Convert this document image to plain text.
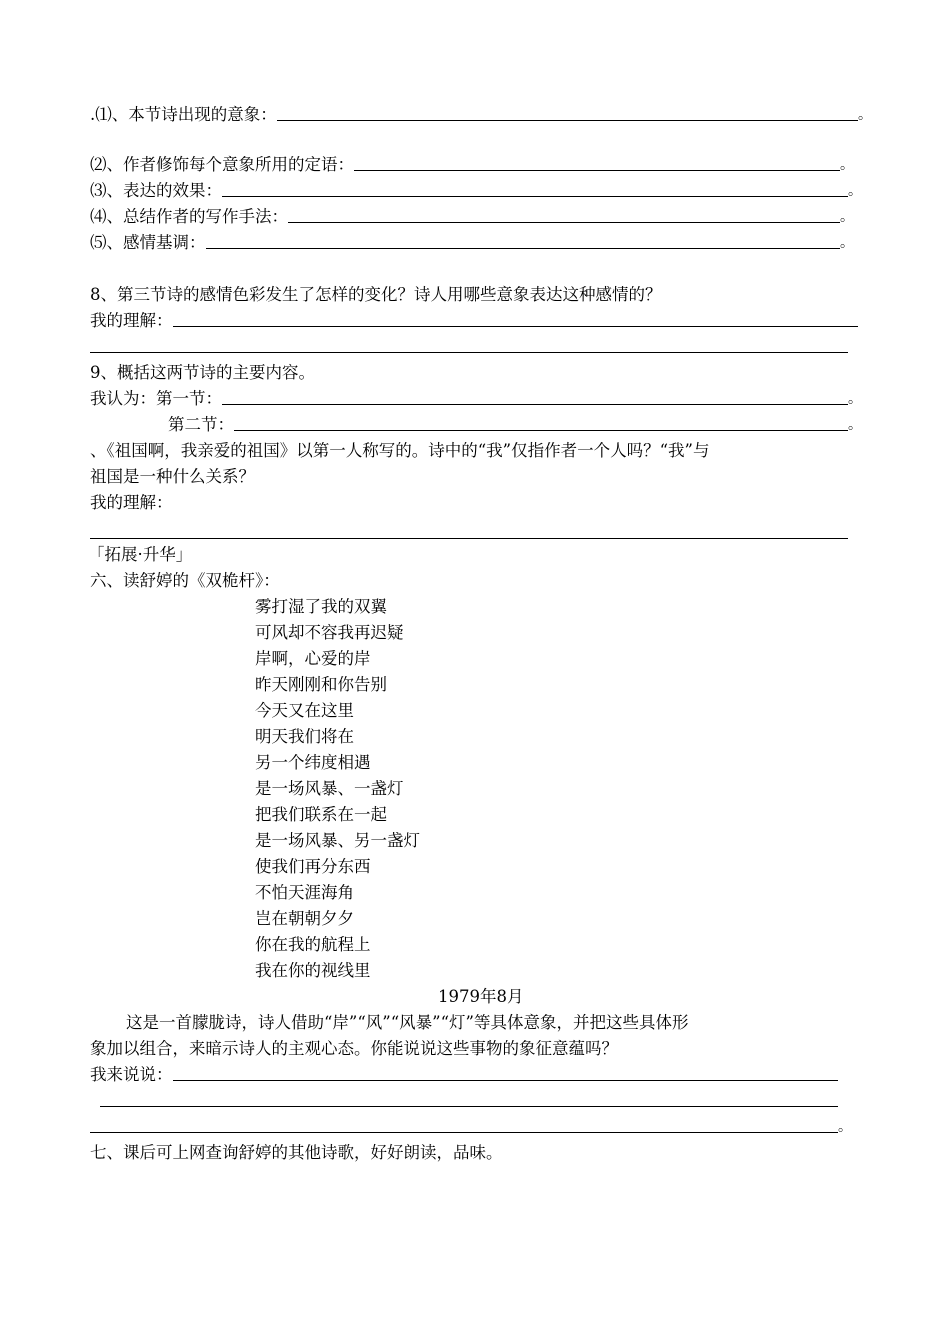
.⑴、本节诗出现的意象：	。
⑵、作者修饰每个意象所用的定语：	。
⑶、表达的效果：	。
⑷、总结作者的写作手法：	。
⑸、感情基调：	。
8、第三节诗的感情色彩发生了怎样的变化？诗人用哪些意象表达这种感情的？
我的理解：
9、概括这两节诗的主要内容。
我认为：第一节：	。
第二节：	。
、《祖国啊，我亲爱的祖国》以第一人称写的。诗中的“我”仅指作者一个人吗？“我”与
祖国是一种什么关系？
我的理解：
「拓展·升华」
六、读舒婷的《双桅杆》：
雾打湿了我的双翼
可风却不容我再迟疑
岸啊，心爱的岸
昨天刚刚和你告别
今天又在这里
明天我们将在
另一个纬度相遇
是一场风暴、一盏灯
把我们联系在一起
是一场风暴、另一盏灯
使我们再分东西
不怕天涯海角
岂在朝朝夕夕
你在我的航程上
我在你的视线里
1979年8月
这是一首朦胧诗，诗人借助“岸”“风”“风暴”“灯”等具体意象，并把这些具体形
象加以组合，来暗示诗人的主观心态。你能说说这些事物的象征意蕴吗？
我来说说：
。
七、课后可上网查询舒婷的其他诗歌，好好朗读，品味。
